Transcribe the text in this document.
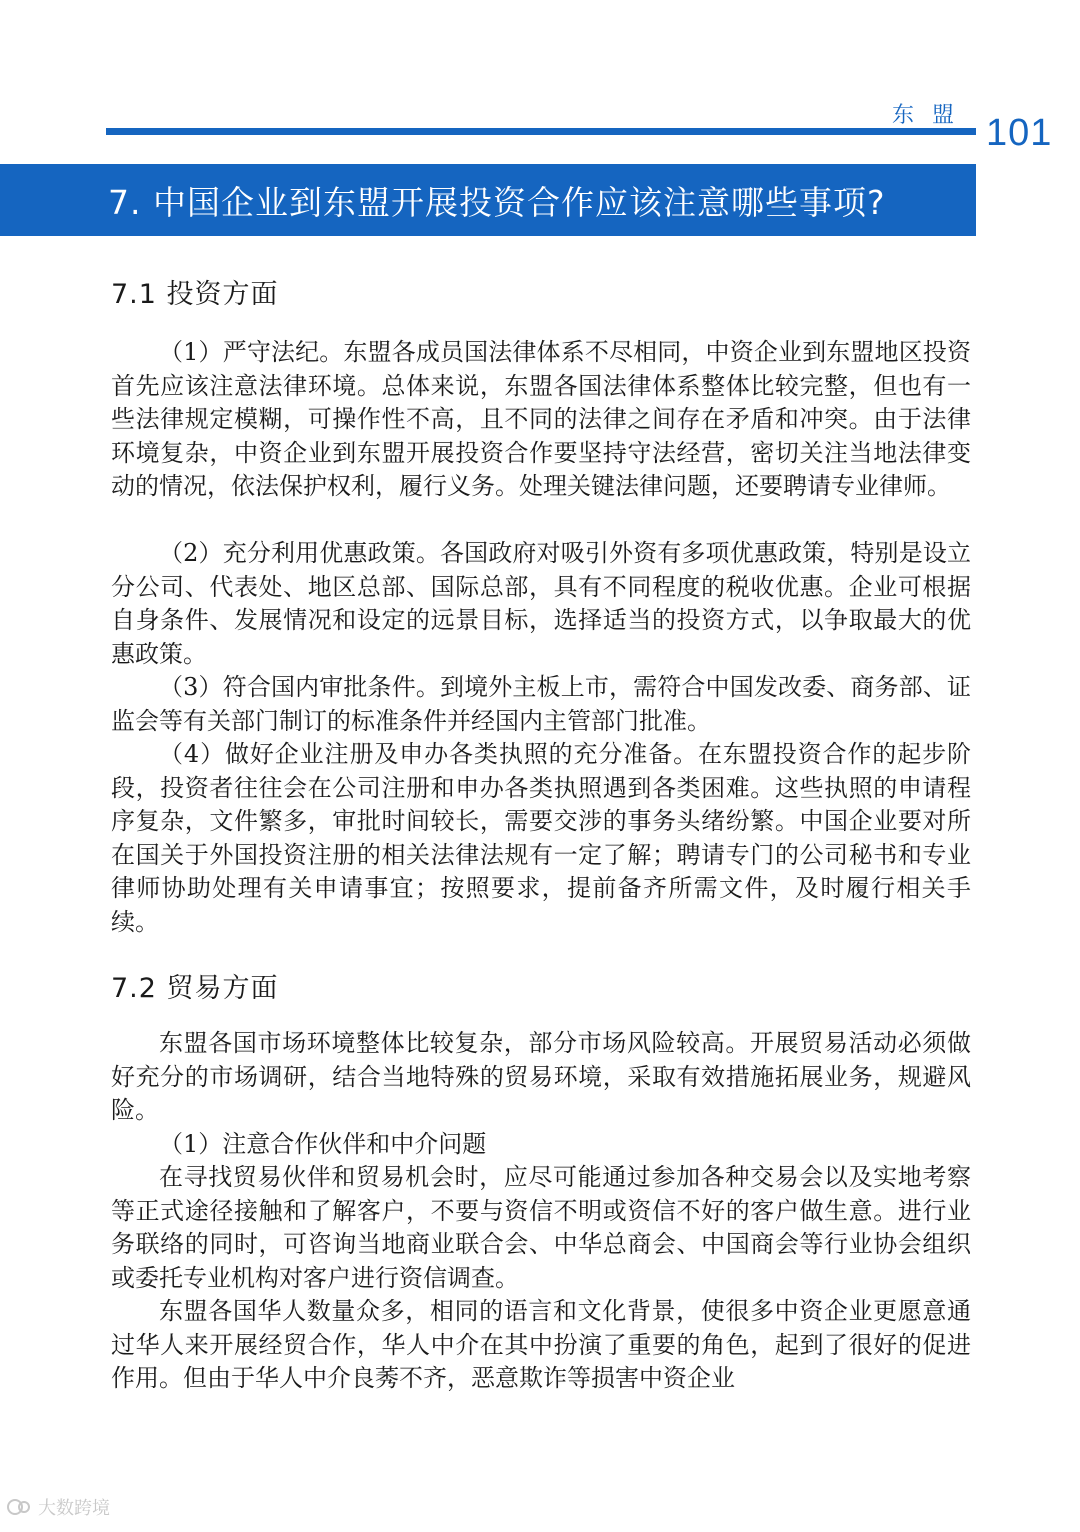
东盟 101
7. 中国企业到东盟开展投资合作应该注意哪些事项?
7.1 投资方面

（1）严守法纪。东盟各成员国法律体系不尽相同，中资企业到东盟地区投资首先应该注意法律环境。总体来说，东盟各国法律体系整体比较完整，但也有一些法律规定模糊，可操作性不高，且不同的法律之间存在矛盾和冲突。由于法律环境复杂，中资企业到东盟开展投资合作要坚持守法经营，密切关注当地法律变动的情况，依法保护权利，履行义务。处理关键法律问题，还要聘请专业律师。

（2）充分利用优惠政策。各国政府对吸引外资有多项优惠政策，特别是设立分公司、代表处、地区总部、国际总部，具有不同程度的税收优惠。企业可根据自身条件、发展情况和设定的远景目标，选择适当的投资方式，以争取最大的优惠政策。

（3）符合国内审批条件。到境外主板上市，需符合中国发改委、商务部、证监会等有关部门制订的标准条件并经国内主管部门批准。

（4）做好企业注册及申办各类执照的充分准备。在东盟投资合作的起步阶段，投资者往往会在公司注册和申办各类执照遇到各类困难。这些执照的申请程序复杂，文件繁多，审批时间较长，需要交涉的事务头绪纷繁。中国企业要对所在国关于外国投资注册的相关法律法规有一定了解；聘请专门的公司秘书和专业律师协助处理有关申请事宜；按照要求，提前备齐所需文件，及时履行相关手续。

7.2 贸易方面

东盟各国市场环境整体比较复杂，部分市场风险较高。开展贸易活动必须做好充分的市场调研，结合当地特殊的贸易环境，采取有效措施拓展业务，规避风险。

（1）注意合作伙伴和中介问题

在寻找贸易伙伴和贸易机会时，应尽可能通过参加各种交易会以及实地考察等正式途径接触和了解客户，不要与资信不明或资信不好的客户做生意。进行业务联络的同时，可咨询当地商业联合会、中华总商会、中国商会等行业协会组织或委托专业机构对客户进行资信调查。

东盟各国华人数量众多，相同的语言和文化背景，使很多中资企业更愿意通过华人来开展经贸合作，华人中介在其中扮演了重要的角色，起到了很好的促进作用。但由于华人中介良莠不齐，恶意欺诈等损害中资企业

大数跨境
